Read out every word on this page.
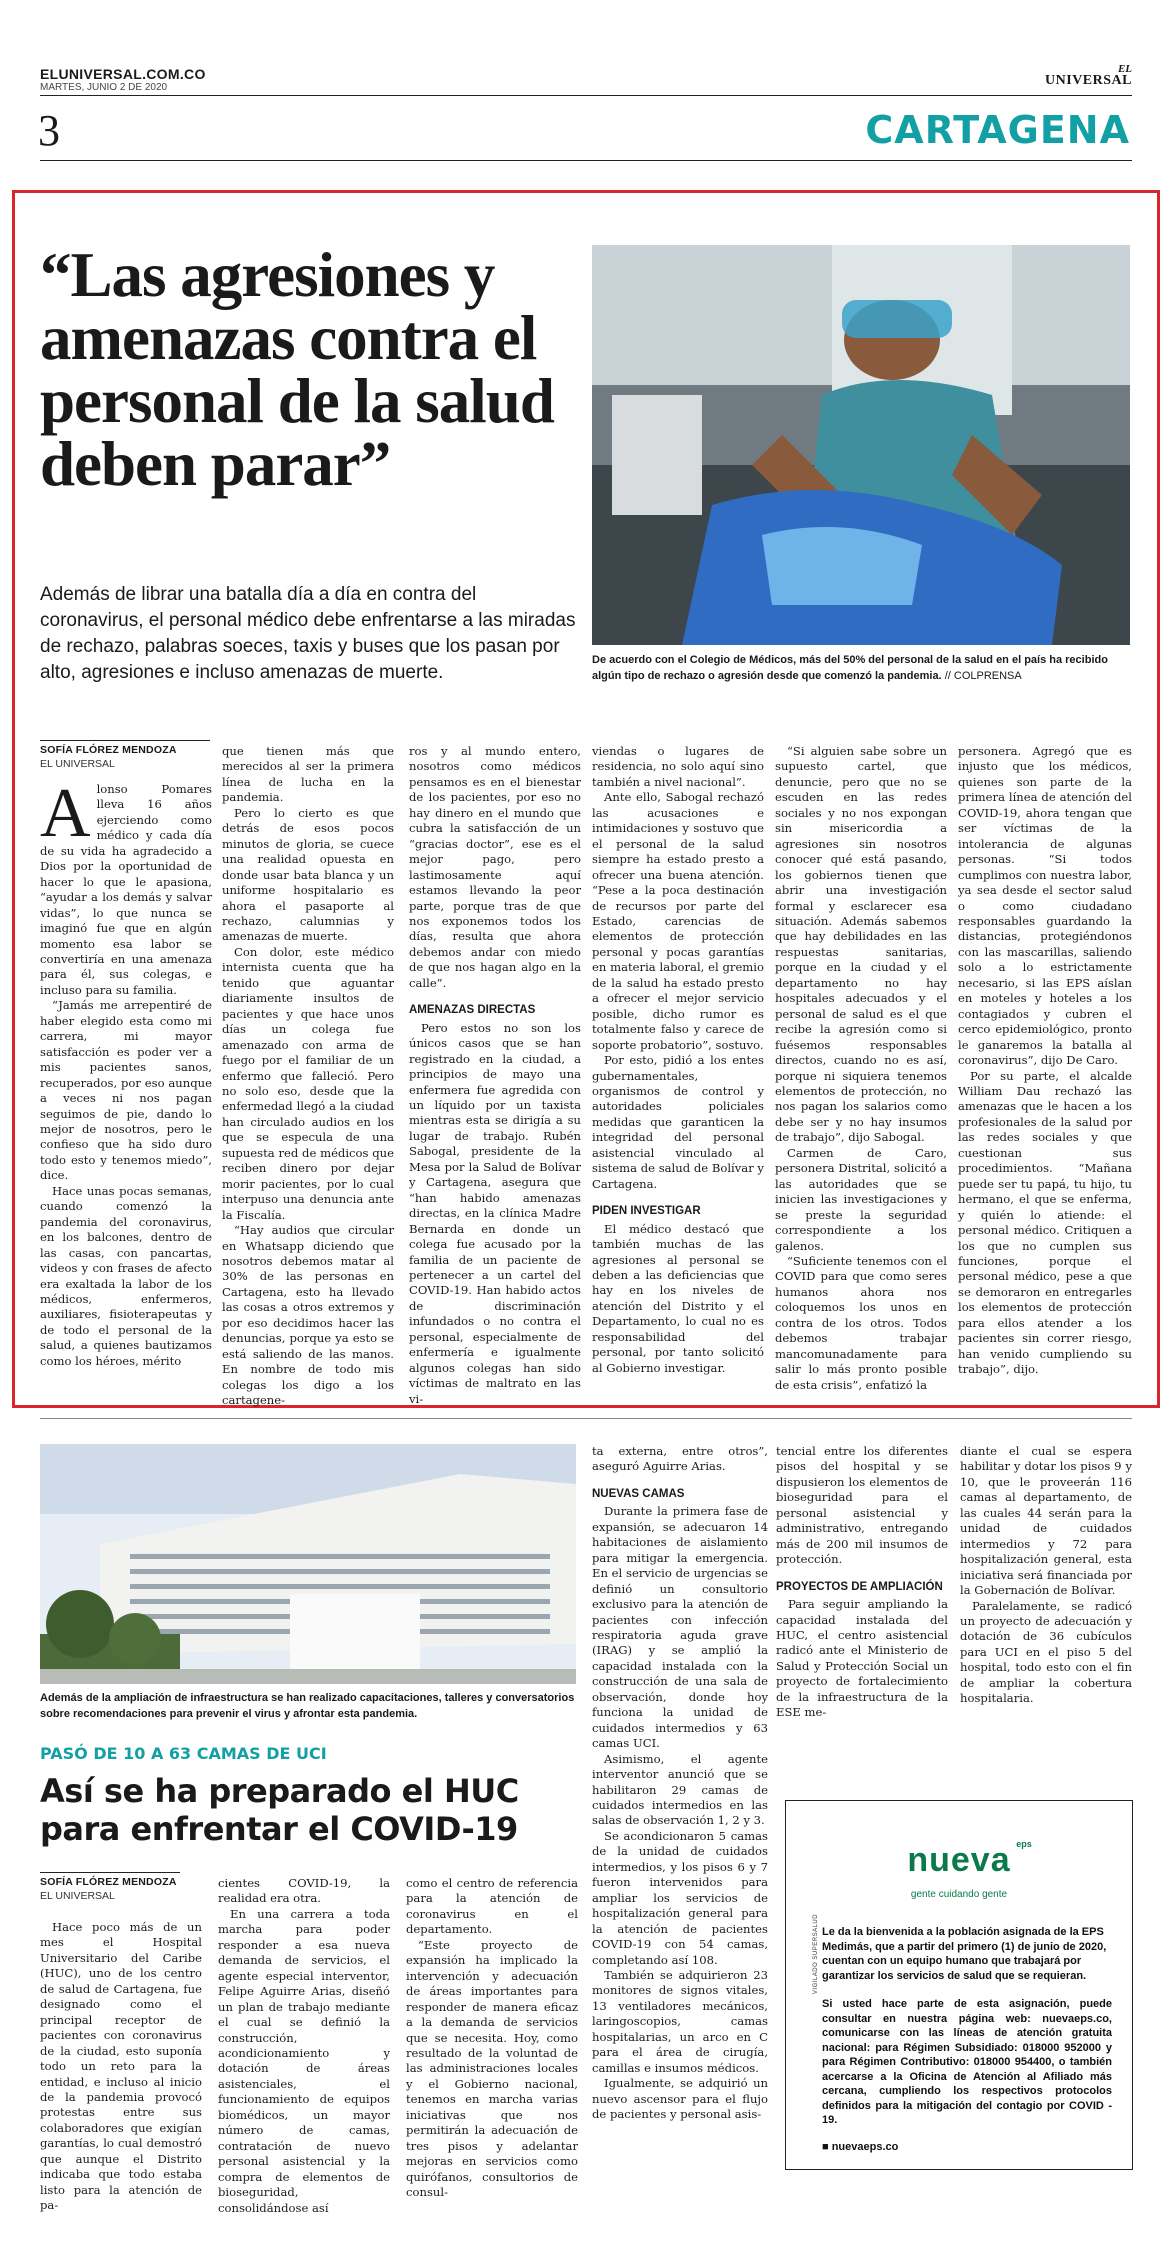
ELUNIVERSAL.COM.CO
MARTES, JUNIO 2 DE 2020
EL
UNIVERSAL
3	CARTAGENA
“Las agresiones y amenazas contra el personal de la salud deben parar”

Además de librar una batalla día a día en contra del coronavirus, el personal médico debe enfrentarse a las miradas de rechazo, palabras soeces, taxis y buses que los pasan por alto, agresiones e incluso amenazas de muerte.

De acuerdo con el Colegio de Médicos, más del 50% del personal de la salud en el país ha recibido algún tipo de rechazo o agresión desde que comenzó la pandemia. // COLPRENSA

SOFÍA FLÓREZ MENDOZA
EL UNIVERSAL
A lonso Pomares lleva 16 años ejerciendo como médico y cada día de su vida ha agradecido a Dios por la oportunidad de hacer lo que le apasiona, “ayudar a los demás y salvar vidas”, lo que nunca se imaginó fue que en algún momento esa labor se convertiría en una amenaza para él, sus colegas, e incluso para su familia.

“Jamás me arrepentiré de haber elegido esta como mi carrera, mi mayor satisfacción es poder ver a mis pacientes sanos, recuperados, por eso aunque a veces ni nos pagan seguimos de pie, dando lo mejor de nosotros, pero le confieso que ha sido duro todo esto y tenemos miedo”, dice.

Hace unas pocas semanas, cuando comenzó la pandemia del coronavirus, en los balcones, dentro de las casas, con pancartas, videos y con frases de afecto era exaltada la labor de los médicos, enfermeros, auxiliares, fisioterapeutas y de todo el personal de la salud, a quienes bautizamos como los héroes, mérito

que tienen más que merecidos al ser la primera línea de lucha en la pandemia.

Pero lo cierto es que detrás de esos pocos minutos de gloria, se cuece una realidad opuesta en donde usar bata blanca y un uniforme hospitalario es ahora el pasaporte al rechazo, calumnias y amenazas de muerte.

Con dolor, este médico internista cuenta que ha tenido que aguantar diariamente insultos de pacientes y que hace unos días un colega fue amenazado con arma de fuego por el familiar de un enfermo que falleció. Pero no solo eso, desde que la enfermedad llegó a la ciudad han circulado audios en los que se especula de una supuesta red de médicos que reciben dinero por dejar morir pacientes, por lo cual interpuso una denuncia ante la Fiscalía.

“Hay audios que circular en Whatsapp diciendo que nosotros debemos matar al 30% de las personas en Cartagena, esto ha llevado las cosas a otros extremos y por eso decidimos hacer las denuncias, porque ya esto se está saliendo de las manos. En nombre de todo mis colegas los digo a los cartagene-

ros y al mundo entero, nosotros como médicos pensamos es en el bienestar de los pacientes, por eso no hay dinero en el mundo que cubra la satisfacción de un “gracias doctor”, ese es el mejor pago, pero lastimosamente aquí estamos llevando la peor parte, porque tras de que nos exponemos todos los días, resulta que ahora debemos andar con miedo de que nos hagan algo en la calle”.

AMENAZAS DIRECTAS

Pero estos no son los únicos casos que se han registrado en la ciudad, a principios de mayo una enfermera fue agredida con un líquido por un taxista mientras esta se dirigía a su lugar de trabajo. Rubén Sabogal, presidente de la Mesa por la Salud de Bolívar y Cartagena, asegura que “han habido amenazas directas, en la clínica Madre Bernarda en donde un colega fue acusado por la familia de un paciente de pertenecer a un cartel del COVID-19. Han habido actos de discriminación infundados o no contra el personal, especialmente de enfermería e igualmente algunos colegas han sido víctimas de maltrato en las vi-

viendas o lugares de residencia, no solo aquí sino también a nivel nacional”.

Ante ello, Sabogal rechazó las acusaciones e intimidaciones y sostuvo que el personal de la salud siempre ha estado presto a ofrecer una buena atención. “Pese a la poca destinación de recursos por parte del Estado, carencias de elementos de protección personal y pocas garantías en materia laboral, el gremio de la salud ha estado presto a ofrecer el mejor servicio posible, dicho rumor es totalmente falso y carece de soporte probatorio”, sostuvo.

Por esto, pidió a los entes gubernamentales, organismos de control y autoridades policiales medidas que garanticen la integridad del personal asistencial vinculado al sistema de salud de Bolívar y Cartagena.

PIDEN INVESTIGAR

El médico destacó que también muchas de las agresiones al personal se deben a las deficiencias que hay en los niveles de atención del Distrito y el Departamento, lo cual no es responsabilidad del personal, por tanto solicitó al Gobierno investigar.

“Si alguien sabe sobre un supuesto cartel, que denuncie, pero que no se escuden en las redes sociales y no nos expongan sin misericordia a agresiones sin nosotros conocer qué está pasando, los gobiernos tienen que abrir una investigación formal y esclarecer esa situación. Además sabemos que hay debilidades en las respuestas sanitarias, porque en la ciudad y el departamento no hay hospitales adecuados y el personal de salud es el que recibe la agresión como si fuésemos responsables directos, cuando no es así, porque ni siquiera tenemos elementos de protección, no nos pagan los salarios como debe ser y no hay insumos de trabajo”, dijo Sabogal.

Carmen de Caro, personera Distrital, solicitó a las autoridades que se inicien las investigaciones y se preste la seguridad correspondiente a los galenos.

“Suficiente tenemos con el COVID para que como seres humanos ahora nos coloquemos los unos en contra de los otros. Todos debemos trabajar mancomunadamente para salir lo más pronto posible de esta crisis”, enfatizó la

personera. Agregó que es injusto que los médicos, quienes son parte de la primera línea de atención del COVID-19, ahora tengan que ser víctimas de la intolerancia de algunas personas. “Si todos cumplimos con nuestra labor, ya sea desde el sector salud o como ciudadano responsables guardando la distancias, protegiéndonos con las mascarillas, saliendo solo a lo estrictamente necesario, si las EPS aíslan en moteles y hoteles a los contagiados y cubren el cerco epidemiológico, pronto le ganaremos la batalla al coronavirus”, dijo De Caro.

Por su parte, el alcalde William Dau rechazó las amenazas que le hacen a los profesionales de la salud por las redes sociales y que cuestionan sus procedimientos. “Mañana puede ser tu papá, tu hijo, tu hermano, el que se enferma, y quién lo atiende: el personal médico. Critiquen a los que no cumplen sus funciones, porque el personal médico, pese a que se demoraron en entregarles los elementos de protección para ellos atender a los pacientes sin correr riesgo, han venido cumpliendo su trabajo”, dijo.

Además de la ampliación de infraestructura se han realizado capacitaciones, talleres y conversatorios sobre recomendaciones para prevenir el virus y afrontar esta pandemia.

PASÓ DE 10 A 63 CAMAS DE UCI
Así se ha preparado el HUC para enfrentar el COVID-19
SOFÍA FLÓREZ MENDOZA
EL UNIVERSAL

Hace poco más de un mes el Hospital Universitario del Caribe (HUC), uno de los centro de salud de Cartagena, fue designado como el principal receptor de pacientes con coronavirus de la ciudad, esto suponía todo un reto para la entidad, e incluso al inicio de la pandemia provocó protestas entre sus colaboradores que exigían garantías, lo cual demostró que aunque el Distrito indicaba que todo estaba listo para la atención de pa-

cientes COVID-19, la realidad era otra.

En una carrera a toda marcha para poder responder a esa nueva demanda de servicios, el agente especial interventor, Felipe Aguirre Arias, diseñó un plan de trabajo mediante el cual se definió la construcción, acondicionamiento y dotación de áreas asistenciales, el funcionamiento de equipos biomédicos, un mayor número de camas, contratación de nuevo personal asistencial y la compra de elementos de bioseguridad, consolidándose así

como el centro de referencia para la atención de coronavirus en el departamento.

“Este proyecto de expansión ha implicado la intervención y adecuación de áreas importantes para responder de manera eficaz a la demanda de servicios que se necesita. Hoy, como resultado de la voluntad de las administraciones locales y el Gobierno nacional, tenemos en marcha varias iniciativas que nos permitirán la adecuación de tres pisos y adelantar mejoras en servicios como quirófanos, consultorios de consul-

ta externa, entre otros”, aseguró Aguirre Arias.

NUEVAS CAMAS

Durante la primera fase de expansión, se adecuaron 14 habitaciones de aislamiento para mitigar la emergencia. En el servicio de urgencias se definió un consultorio exclusivo para la atención de pacientes con infección respiratoria aguda grave (IRAG) y se amplió la capacidad instalada con la construcción de una sala de observación, donde hoy funciona la unidad de cuidados intermedios y 63 camas UCI.

Asimismo, el agente interventor anunció que se habilitaron 29 camas de cuidados intermedios en las salas de observación 1, 2 y 3.

Se acondicionaron 5 camas de la unidad de cuidados intermedios, y los pisos 6 y 7 fueron intervenidos para ampliar los servicios de hospitalización general para la atención de pacientes COVID-19 con 54 camas, completando así 108.

También se adquirieron 23 monitores de signos vitales, 13 ventiladores mecánicos, laringoscopios, camas hospitalarias, un arco en C para el área de cirugía, camillas e insumos médicos.

Igualmente, se adquirió un nuevo ascensor para el flujo de pacientes y personal asis-

tencial entre los diferentes pisos del hospital y se dispusieron los elementos de bioseguridad para el personal asistencial y administrativo, entregando más de 200 mil insumos de protección.

PROYECTOS DE AMPLIACIÓN

Para seguir ampliando la capacidad instalada del HUC, el centro asistencial radicó ante el Ministerio de Salud y Protección Social un proyecto de fortalecimiento de la infraestructura de la ESE me-

diante el cual se espera habilitar y dotar los pisos 9 y 10, que le proveerán 116 camas al departamento, de las cuales 44 serán para la unidad de cuidados intermedios y 72 para hospitalización general, esta iniciativa será financiada por la Gobernación de Bolívar.

Paralelamente, se radicó un proyecto de adecuación y dotación de 36 cubículos para UCI en el piso 5 del hospital, todo esto con el fin de ampliar la cobertura hospitalaria.

VIGILADO SUPERSALUD
nueva eps
gente cuidando gente

Le da la bienvenida a la población asignada de la EPS Medimás, que a partir del primero (1) de junio de 2020, cuentan con un equipo humano que trabajará por garantizar los servicios de salud que se requieran.

Si usted hace parte de esta asignación, puede consultar en nuestra página web: nuevaeps.co, comunicarse con las líneas de atención gratuita nacional: para Régimen Subsidiado: 018000 952000 y para Régimen Contributivo: 018000 954400, o también acercarse a la Oficina de Atención al Afiliado más cercana, cumpliendo los respectivos protocolos definidos para la mitigación del contagio por COVID - 19.

■ nuevaeps.co
